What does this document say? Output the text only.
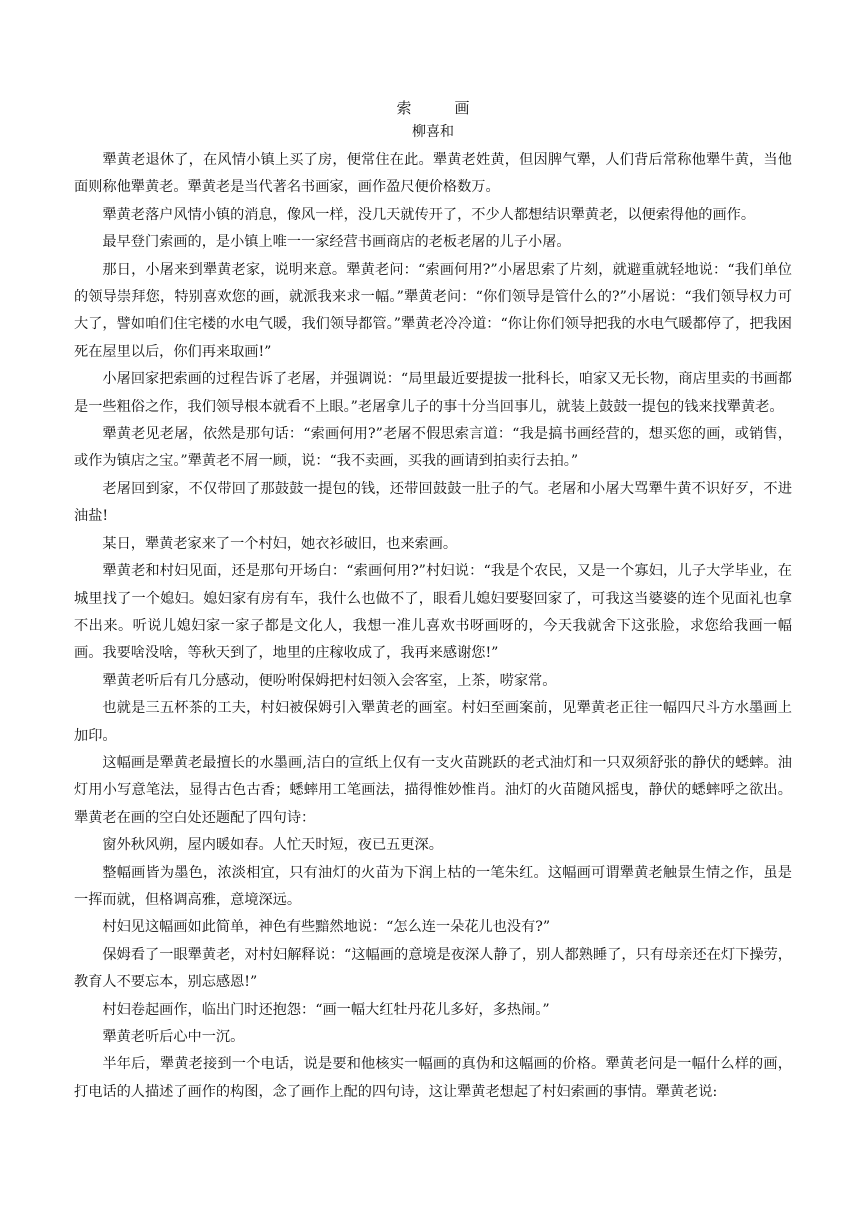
索　画
柳喜和

犟黄老退休了，在风情小镇上买了房，便常住在此。犟黄老姓黄，但因脾气犟，人们背后常称他犟牛黄，当他面则称他犟黄老。犟黄老是当代著名书画家，画作盈尺便价格数万。

犟黄老落户风情小镇的消息，像风一样，没几天就传开了，不少人都想结识犟黄老，以便索得他的画作。

最早登门索画的，是小镇上唯一一家经营书画商店的老板老屠的儿子小屠。

那日，小屠来到犟黄老家，说明来意。犟黄老问：“索画何用?”小屠思索了片刻，就避重就轻地说：“我们单位的领导崇拜您，特别喜欢您的画，就派我来求一幅。”犟黄老问：“你们领导是管什么的?”小屠说：“我们领导权力可大了，譬如咱们住宅楼的水电气暖，我们领导都管。”犟黄老冷冷道：“你让你们领导把我的水电气暖都停了，把我困死在屋里以后，你们再来取画!”

小屠回家把索画的过程告诉了老屠，并强调说：“局里最近要提拔一批科长，咱家又无长物，商店里卖的书画都是一些粗俗之作，我们领导根本就看不上眼。”老屠拿儿子的事十分当回事儿，就装上鼓鼓一提包的钱来找犟黄老。

犟黄老见老屠，依然是那句话：“索画何用?”老屠不假思索言道：“我是搞书画经营的，想买您的画，或销售，或作为镇店之宝。”犟黄老不屑一顾，说：“我不卖画，买我的画请到拍卖行去拍。”

老屠回到家，不仅带回了那鼓鼓一提包的钱，还带回鼓鼓一肚子的气。老屠和小屠大骂犟牛黄不识好歹，不进油盐!

某日，犟黄老家来了一个村妇，她衣衫破旧，也来索画。

犟黄老和村妇见面，还是那句开场白：“索画何用?”村妇说：“我是个农民，又是一个寡妇，儿子大学毕业，在城里找了一个媳妇。媳妇家有房有车，我什么也做不了，眼看儿媳妇要娶回家了，可我这当婆婆的连个见面礼也拿不出来。听说儿媳妇家一家子都是文化人，我想一准儿喜欢书呀画呀的，今天我就舍下这张脸，求您给我画一幅画。我要啥没啥，等秋天到了，地里的庄稼收成了，我再来感谢您!”

犟黄老听后有几分感动，便吩咐保姆把村妇领入会客室，上茶，唠家常。

也就是三五杯茶的工夫，村妇被保姆引入犟黄老的画室。村妇至画案前，见犟黄老正往一幅四尺斗方水墨画上加印。

这幅画是犟黄老最擅长的水墨画,洁白的宣纸上仅有一支火苗跳跃的老式油灯和一只双须舒张的静伏的蟋蟀。油灯用小写意笔法，显得古色古香；蟋蟀用工笔画法，描得惟妙惟肖。油灯的火苗随风摇曳，静伏的蟋蟀呼之欲出。犟黄老在画的空白处还题配了四句诗：

窗外秋风朔，屋内暖如春。人忙天时短，夜已五更深。

整幅画皆为墨色，浓淡相宜，只有油灯的火苗为下润上枯的一笔朱红。这幅画可谓犟黄老触景生情之作，虽是一挥而就，但格调高雅，意境深远。

村妇见这幅画如此简单，神色有些黯然地说：“怎么连一朵花儿也没有?”

保姆看了一眼犟黄老，对村妇解释说：“这幅画的意境是夜深人静了，别人都熟睡了，只有母亲还在灯下操劳，教育人不要忘本，别忘感恩!”

村妇卷起画作，临出门时还抱怨：“画一幅大红牡丹花儿多好，多热闹。”

犟黄老听后心中一沉。

半年后，犟黄老接到一个电话，说是要和他核实一幅画的真伪和这幅画的价格。犟黄老问是一幅什么样的画，打电话的人描述了画作的构图，念了画作上配的四句诗，这让犟黄老想起了村妇索画的事情。犟黄老说:
